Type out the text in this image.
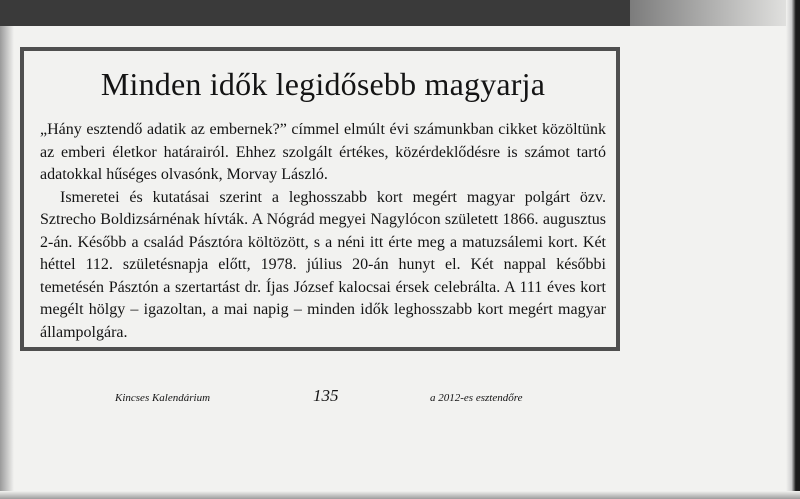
Minden idők legidősebb magyarja

„Hány esztendő adatik az embernek?” címmel elmúlt évi számunkban cikket közöltünk az emberi életkor határairól. Ehhez szolgált értékes, közérdeklődésre is számot tartó adatokkal hűséges olvasónk, Morvay László.

Ismeretei és kutatásai szerint a leghosszabb kort megért magyar polgárt özv. Sztrecho Boldizsárnénak hívták. A Nógrád megyei Nagylócon született 1866. augusztus 2-án. Később a család Pásztóra költözött, s a néni itt érte meg a matuzsálemi kort. Két héttel 112. születésnapja előtt, 1978. július 20-án hunyt el. Két nappal későbbi temetésén Pásztón a szertartást dr. Íjas József kalocsai érsek celebrálta. A 111 éves kort megélt hölgy – igazoltan, a mai napig – minden idők leghosszabb kort megért magyar állampolgára.

Kincses Kalendárium	135	a 2012-es esztendőre
